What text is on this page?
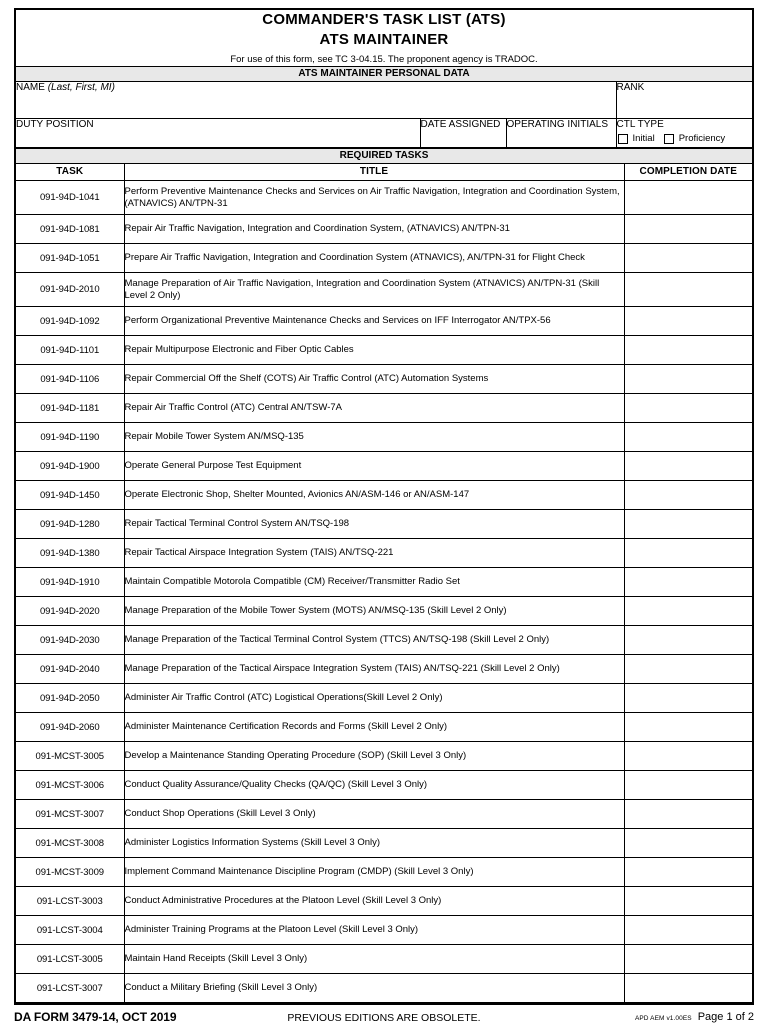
COMMANDER'S TASK LIST (ATS)
ATS MAINTAINER
For use of this form, see TC 3-04.15. The proponent agency is TRADOC.			

ATS MAINTAINER PERSONAL DATA			

NAME (Last, First, MI)			RANK

DUTY POSITION	DATE ASSIGNED	OPERATING INITIALS	CTL TYPE
Initial Proficiency
REQUIRED TASKS		
TASK	TITLE	COMPLETION DATE
091-94D-1041	Perform Preventive Maintenance Checks and Services on Air Traffic Navigation, Integration and Coordination System, (ATNAVICS) AN/TPN-31	
091-94D-1081	Repair Air Traffic Navigation, Integration and Coordination System, (ATNAVICS) AN/TPN-31	
091-94D-1051	Prepare Air Traffic Navigation, Integration and Coordination System (ATNAVICS), AN/TPN-31 for Flight Check	
091-94D-2010	Manage Preparation of Air Traffic Navigation, Integration and Coordination System (ATNAVICS) AN/TPN-31 (Skill Level 2 Only)	
091-94D-1092	Perform Organizational Preventive Maintenance Checks and Services on IFF Interrogator AN/TPX-56	
091-94D-1101	Repair Multipurpose Electronic and Fiber Optic Cables	
091-94D-1106	Repair Commercial Off the Shelf (COTS) Air Traffic Control (ATC) Automation Systems	
091-94D-1181	Repair Air Traffic Control (ATC) Central AN/TSW-7A	
091-94D-1190	Repair Mobile Tower System AN/MSQ-135	
091-94D-1900	Operate General Purpose Test Equipment	
091-94D-1450	Operate Electronic Shop, Shelter Mounted, Avionics AN/ASM-146 or AN/ASM-147	
091-94D-1280	Repair Tactical Terminal Control System AN/TSQ-198	
091-94D-1380	Repair Tactical Airspace Integration System (TAIS) AN/TSQ-221	
091-94D-1910	Maintain Compatible Motorola Compatible (CM) Receiver/Transmitter Radio Set	
091-94D-2020	Manage Preparation of the Mobile Tower System (MOTS) AN/MSQ-135 (Skill Level 2 Only)	
091-94D-2030	Manage Preparation of the Tactical Terminal Control System (TTCS) AN/TSQ-198 (Skill Level 2 Only)	
091-94D-2040	Manage Preparation of the Tactical Airspace Integration System (TAIS) AN/TSQ-221 (Skill Level 2 Only)	
091-94D-2050	Administer Air Traffic Control (ATC) Logistical Operations(Skill Level 2 Only)	
091-94D-2060	Administer Maintenance Certification Records and Forms (Skill Level 2 Only)	
091-MCST-3005	Develop a Maintenance Standing Operating Procedure (SOP) (Skill Level 3 Only)	
091-MCST-3006	Conduct Quality Assurance/Quality Checks (QA/QC) (Skill Level 3 Only)	
091-MCST-3007	Conduct Shop Operations (Skill Level 3 Only)	
091-MCST-3008	Administer Logistics Information Systems (Skill Level 3 Only)	
091-MCST-3009	Implement Command Maintenance Discipline Program (CMDP) (Skill Level 3 Only)	
091-LCST-3003	Conduct Administrative Procedures at the Platoon Level (Skill Level 3 Only)	
091-LCST-3004	Administer Training Programs at the Platoon Level (Skill Level 3 Only)	
091-LCST-3005	Maintain Hand Receipts (Skill Level 3 Only)	
091-LCST-3007	Conduct a Military Briefing (Skill Level 3 Only)	
DA FORM 3479-14, OCT 2019	PREVIOUS EDITIONS ARE OBSOLETE.	APD AEM v1.00ES Page 1 of 2
